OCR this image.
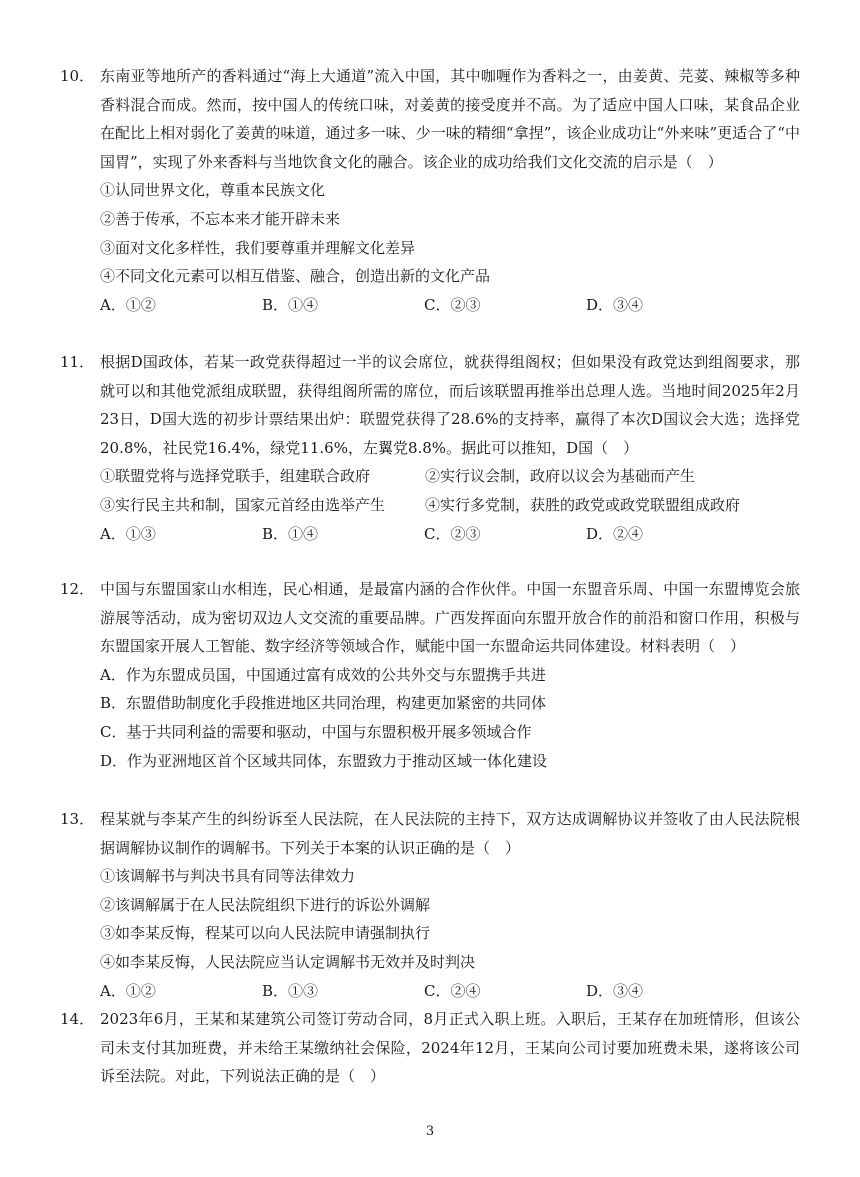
10． 东南亚等地所产的香料通过“海上大通道”流入中国，其中咖喱作为香料之一，由姜黄、芫荽、辣椒等多种香料混合而成。然而，按中国人的传统口味，对姜黄的接受度并不高。为了适应中国人口味，某食品企业在配比上相对弱化了姜黄的味道，通过多一味、少一味的精细“拿捏”，该企业成功让“外来味”更适合了“中国胃”，实现了外来香料与当地饮食文化的融合。该企业的成功给我们文化交流的启示是（　）
①认同世界文化，尊重本民族文化
②善于传承，不忘本来才能开辟未来
③面对文化多样性，我们要尊重并理解文化差异
④不同文化元素可以相互借鉴、融合，创造出新的文化产品
A．①②	B．①④	C．②③	D．③④
11． 根据D国政体，若某一政党获得超过一半的议会席位，就获得组阁权；但如果没有政党达到组阁要求，那就可以和其他党派组成联盟，获得组阁所需的席位，而后该联盟再推举出总理人选。当地时间2025年2月23日，D国大选的初步计票结果出炉：联盟党获得了28.6%的支持率，赢得了本次D国议会大选；选择党20.8%，社民党16.4%，绿党11.6%，左翼党8.8%。据此可以推知，D国（　）
①联盟党将与选择党联手，组建联合政府	②实行议会制，政府以议会为基础而产生
③实行民主共和制，国家元首经由选举产生	④实行多党制，获胜的政党或政党联盟组成政府
A．①③	B．①④	C．②③	D．②④
12． 中国与东盟国家山水相连，民心相通，是最富内涵的合作伙伴。中国一东盟音乐周、中国一东盟博览会旅游展等活动，成为密切双边人文交流的重要品牌。广西发挥面向东盟开放合作的前沿和窗口作用，积极与东盟国家开展人工智能、数字经济等领域合作，赋能中国一东盟命运共同体建设。材料表明（　）
A．作为东盟成员国，中国通过富有成效的公共外交与东盟携手共进
B．东盟借助制度化手段推进地区共同治理，构建更加紧密的共同体
C．基于共同利益的需要和驱动，中国与东盟积极开展多领域合作
D．作为亚洲地区首个区域共同体，东盟致力于推动区域一体化建设
13． 程某就与李某产生的纠纷诉至人民法院，在人民法院的主持下，双方达成调解协议并签收了由人民法院根据调解协议制作的调解书。下列关于本案的认识正确的是（　）
①该调解书与判决书具有同等法律效力
②该调解属于在人民法院组织下进行的诉讼外调解
③如李某反悔，程某可以向人民法院申请强制执行
④如李某反悔，人民法院应当认定调解书无效并及时判决
A．①②	B．①③	C．②④	D．③④
14． 2023年6月，王某和某建筑公司签订劳动合同，8月正式入职上班。入职后，王某存在加班情形，但该公司未支付其加班费，并未给王某缴纳社会保险，2024年12月，王某向公司讨要加班费未果，遂将该公司诉至法院。对此，下列说法正确的是（　）
3
